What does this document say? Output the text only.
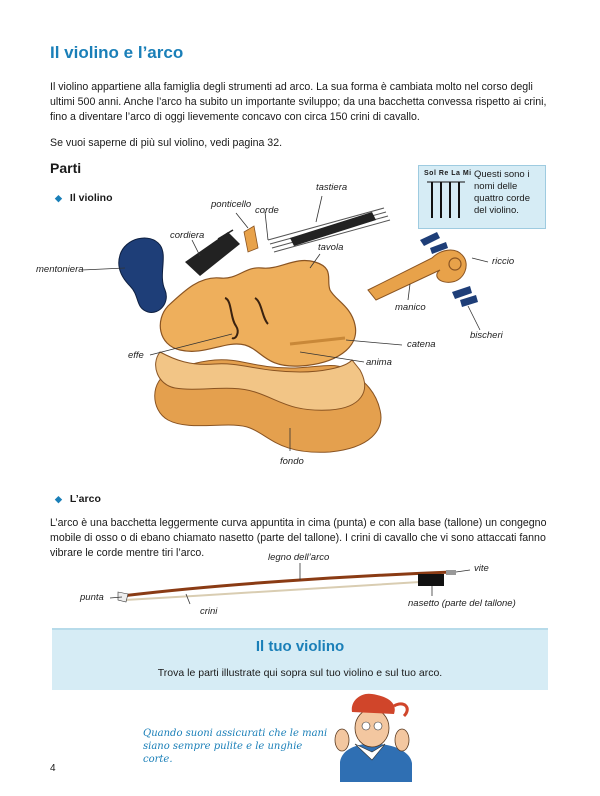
Il violino e l’arco

Il violino appartiene alla famiglia degli strumenti ad arco. La sua forma è cambiata molto nel corso degli ultimi 500 anni. Anche l’arco ha subito un importante sviluppo; da una bacchetta convessa rispetto ai crini, fino a diventare l’arco di oggi lievemente concavo con circa 150 crini di cavallo.

Se vuoi saperne di più sul violino, vedi pagina 32.

Parti
◆ Il violino
ponticello
corde
tastiera
cordiera
tavola
mentoniera
riccio
manico
bischeri
catena
effe
anima
fondo
Sol Re La Mi Questi sono i nomi delle quattro corde del violino.
◆ L’arco

L’arco è una bacchetta leggermente curva appuntita in cima (punta) e con alla base (tallone) un congegno mobile di osso o di ebano chiamato nasetto (parte del tallone). I crini di cavallo che vi sono attaccati fanno vibrare le corde mentre tiri l’arco.	legno dell’arco
vite
punta
crini
nasetto (parte del tallone)
Il tuo violino

Trova le parti illustrate qui sopra sul tuo violino e sul tuo arco.

Quando suoni assicurati che le mani siano sempre pulite e le unghie corte.
4
